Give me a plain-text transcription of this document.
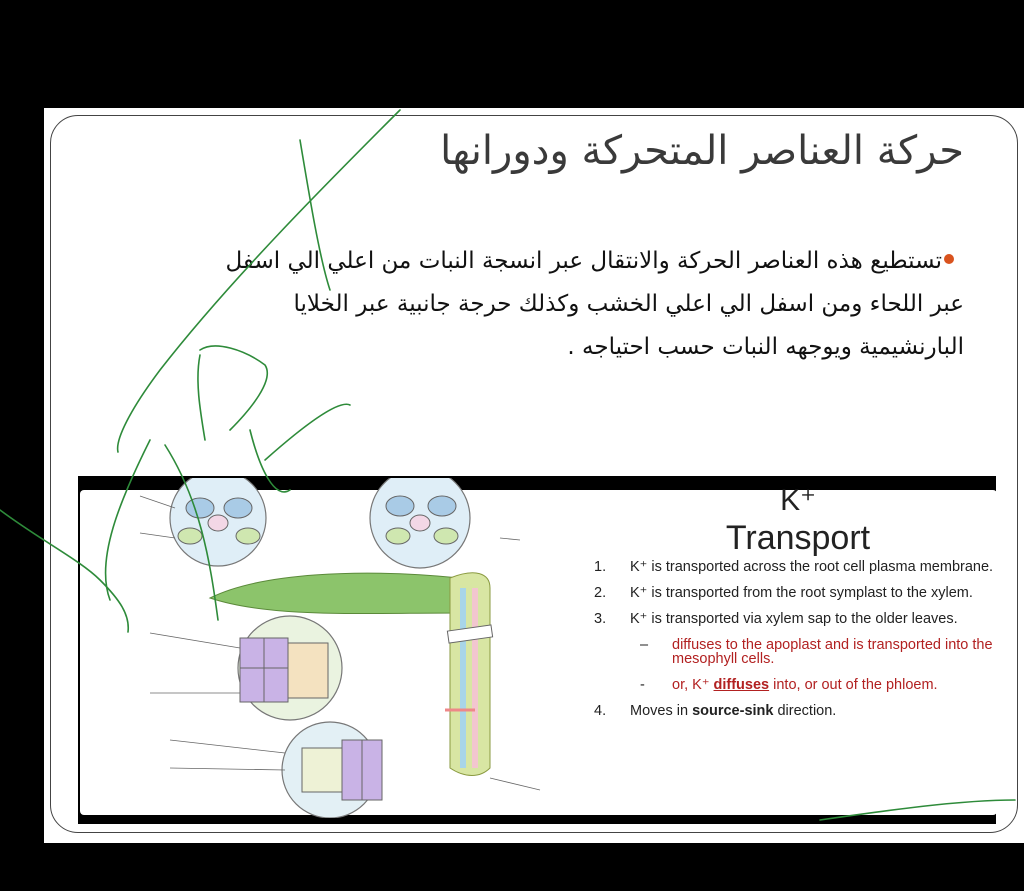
حركة العناصر المتحركة ودورانها
تستطيع هذه العناصر الحركة والانتقال عبر انسجة النبات من اعلي الي اسفل
عبر اللحاء ومن اسفل الي اعلي الخشب وكذلك حرجة جانبية عبر الخلايا
البارنشيمية ويوجهه النبات حسب احتياجه .
K⁺
Transport
1.	K⁺ is transported across the root cell plasma membrane.
2.	K⁺ is transported from the root symplast to the xylem.
3.	K⁺ is transported via xylem sap to the older leaves.
–	diffuses to the apoplast and is transported into the mesophyll cells.
-	or, K⁺ diffuses into, or out of the phloem.
4.	Moves in source-sink direction.
